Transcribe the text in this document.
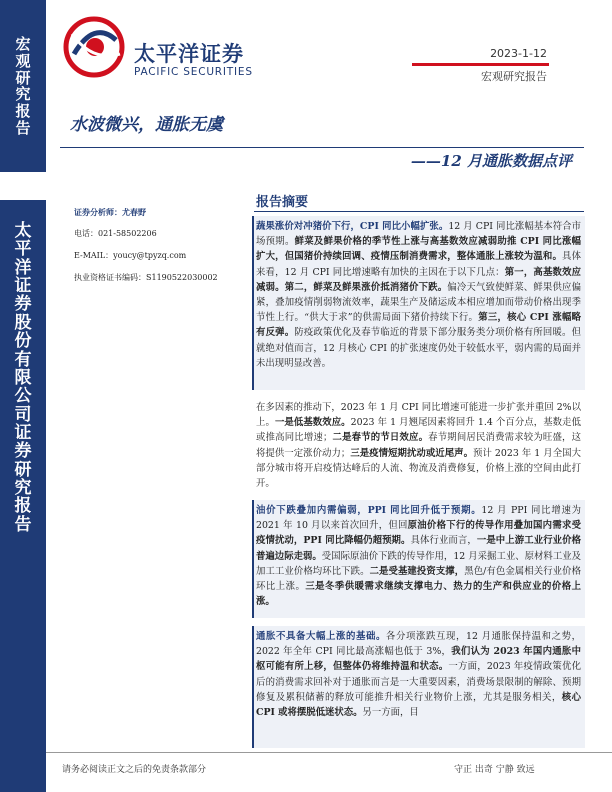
宏
观
研
究
报
告
太
平
洋
证
券
股
份
有
限
公
司
证
券
研
究
报
告
太平洋证券
PACIFIC SECURITIES
2023-1-12
宏观研究报告
水波微兴，通胀无虞
——12 月通胀数据点评
证券分析师：尤春野
电话：021-58502206
E-MAIL：youcy@tpyzq.com
执业资格证书编码：S1190522030002
报告摘要
蔬果涨价对冲猪价下行，CPI 同比小幅扩张。12 月 CPI 同比涨幅基本符合市场预期。鲜菜及鲜果价格的季节性上涨与高基数效应减弱助推 CPI 同比涨幅扩大，但国猪价持续回调、疫情压制消费需求，整体通胀上涨较为温和。具体来看，12 月 CPI 同比增速略有加快的主因在于以下几点：第一，高基数效应减弱。第二，鲜菜及鲜果涨价抵消猪价下跌。偏冷天气致使鲜菜、鲜果供应偏紧，叠加疫情削弱物流效率，蔬果生产及储运成本相应增加而带动价格出现季节性上行。“供大于求”的供需局面下猪价持续下行。第三，核心 CPI 涨幅略有反弹。防疫政策优化及春节临近的背景下部分服务类分项价格有所回暖。但就绝对值而言，12 月核心 CPI 的扩张速度仍处于较低水平，弱内需的局面并未出现明显改善。
在多因素的推动下，2023 年 1 月 CPI 同比增速可能进一步扩张并重回 2%以上。一是低基数效应。2023 年 1 月翘尾因素将回升 1.4 个百分点，基数走低或推高同比增速；二是春节的节日效应。春节期间居民消费需求较为旺盛，这将提供一定涨价动力；三是疫情短期扰动或近尾声。预计 2023 年 1 月全国大部分城市将开启疫情达峰后的人流、物流及消费修复，价格上涨的空间由此打开。
油价下跌叠加内需偏弱，PPI 同比回升低于预期。12 月 PPI 同比增速为 2021 年 10 月以来首次回升，但回原油价格下行的传导作用叠加国内需求受疫情扰动，PPI 同比降幅仍超预期。具体行业而言，一是中上游工业行业价格普遍边际走弱。受国际原油价下跌的传导作用，12 月采掘工业、原材料工业及加工工业价格均环比下跌。二是受基建投资支撑，黑色/有色金属相关行业价格环比上涨。三是冬季供暖需求继续支撑电力、热力的生产和供应业的价格上涨。
通胀不具备大幅上涨的基础。各分项涨跌互现，12 月通胀保持温和之势，2022 年全年 CPI 同比最高涨幅也低于 3%，我们认为 2023 年国内通胀中枢可能有所上移，但整体仍将维持温和状态。一方面，2023 年疫情政策优化后的消费需求回补对于通胀而言是一大重要因素，消费场景限制的解除、预期修复及累积储蓄的释放可能推升相关行业物价上涨，尤其是服务相关，核心 CPI 或将摆脱低迷状态。另一方面，目
请务必阅读正文之后的免责条款部分	守正 出奇 宁静 致远
